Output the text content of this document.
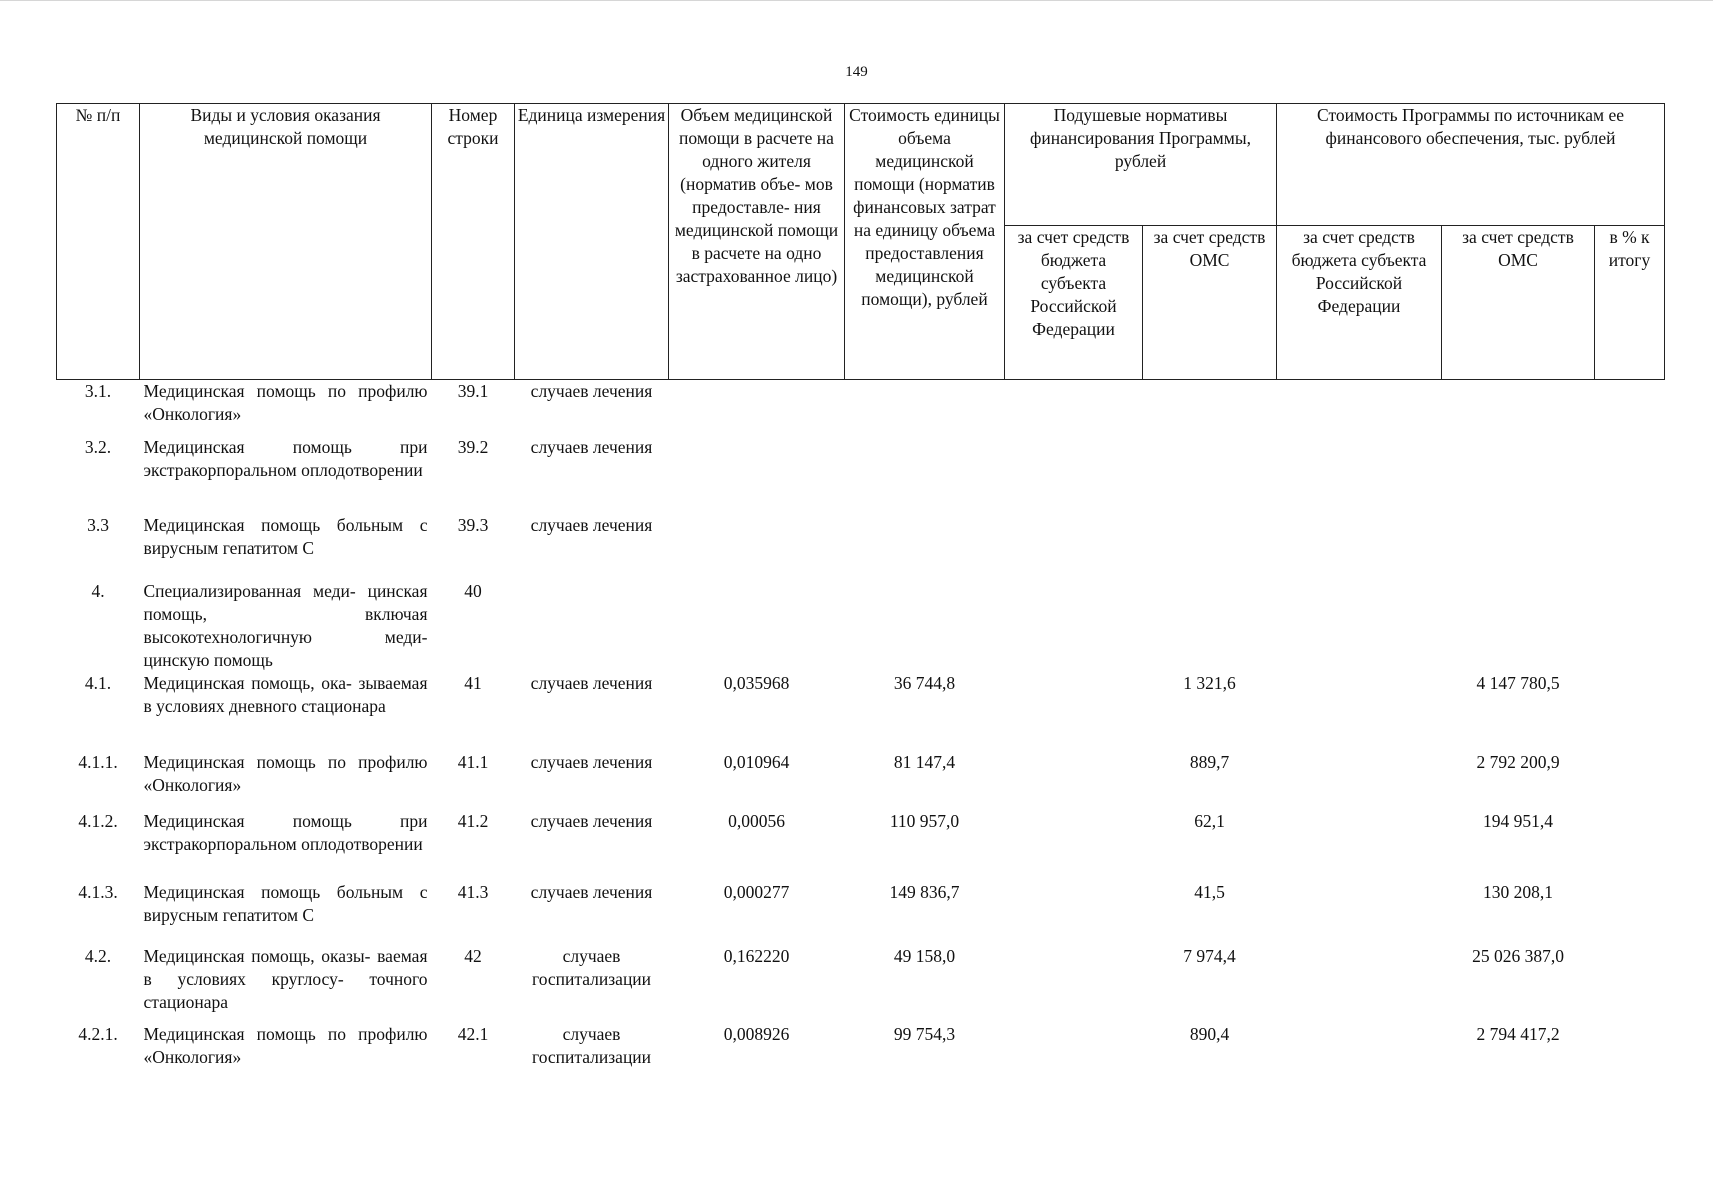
149
№ п/п	Виды и условия оказания медицинской помощи	Номер строки	Единица измерения	Объем медицинской помощи в расчете на одного жителя (норматив объе- мов предоставле- ния медицинской помощи в расчете на одно застрахованное лицо)	Стоимость единицы объема медицинской помощи (норматив финансовых затрат на единицу объема предоставления медицинской помощи), рублей	Подушевые нормативы финансирования Программы, рублей		Стоимость Программы по источникам ее финансового обеспечения, тыс. рублей		
						за счет средств бюджета субъекта Российской Федерации	за счет средств ОМС	за счет средств бюджета субъекта Российской Федерации	за счет средств ОМС	в % к итогу
3.1.	Медицинская помощь по профилю «Онкология»	39.1	случаев лечения							
3.2.	Медицинская помощь при экстракорпоральном оплодотворении	39.2	случаев лечения							
3.3	Медицинская помощь больным с вирусным гепатитом С	39.3	случаев лечения							
4.	Специализированная меди- цинская помощь, включая высокотехнологичную меди- цинскую помощь	40								
4.1.	Медицинская помощь, ока- зываемая в условиях дневного стационара	41	случаев лечения	0,035968	36 744,8		1 321,6		4 147 780,5	
4.1.1.	Медицинская помощь по профилю «Онкология»	41.1	случаев лечения	0,010964	81 147,4		889,7		2 792 200,9	
4.1.2.	Медицинская помощь при экстракорпоральном оплодотворении	41.2	случаев лечения	0,00056	110 957,0		62,1		194 951,4	
4.1.3.	Медицинская помощь больным с вирусным гепатитом С	41.3	случаев лечения	0,000277	149 836,7		41,5		130 208,1	
4.2.	Медицинская помощь, оказы- ваемая в условиях круглосу- точного стационара	42	случаев госпитализации	0,162220	49 158,0		7 974,4		25 026 387,0	
4.2.1.	Медицинская помощь по профилю «Онкология»	42.1	случаев госпитализации	0,008926	99 754,3		890,4		2 794 417,2	
